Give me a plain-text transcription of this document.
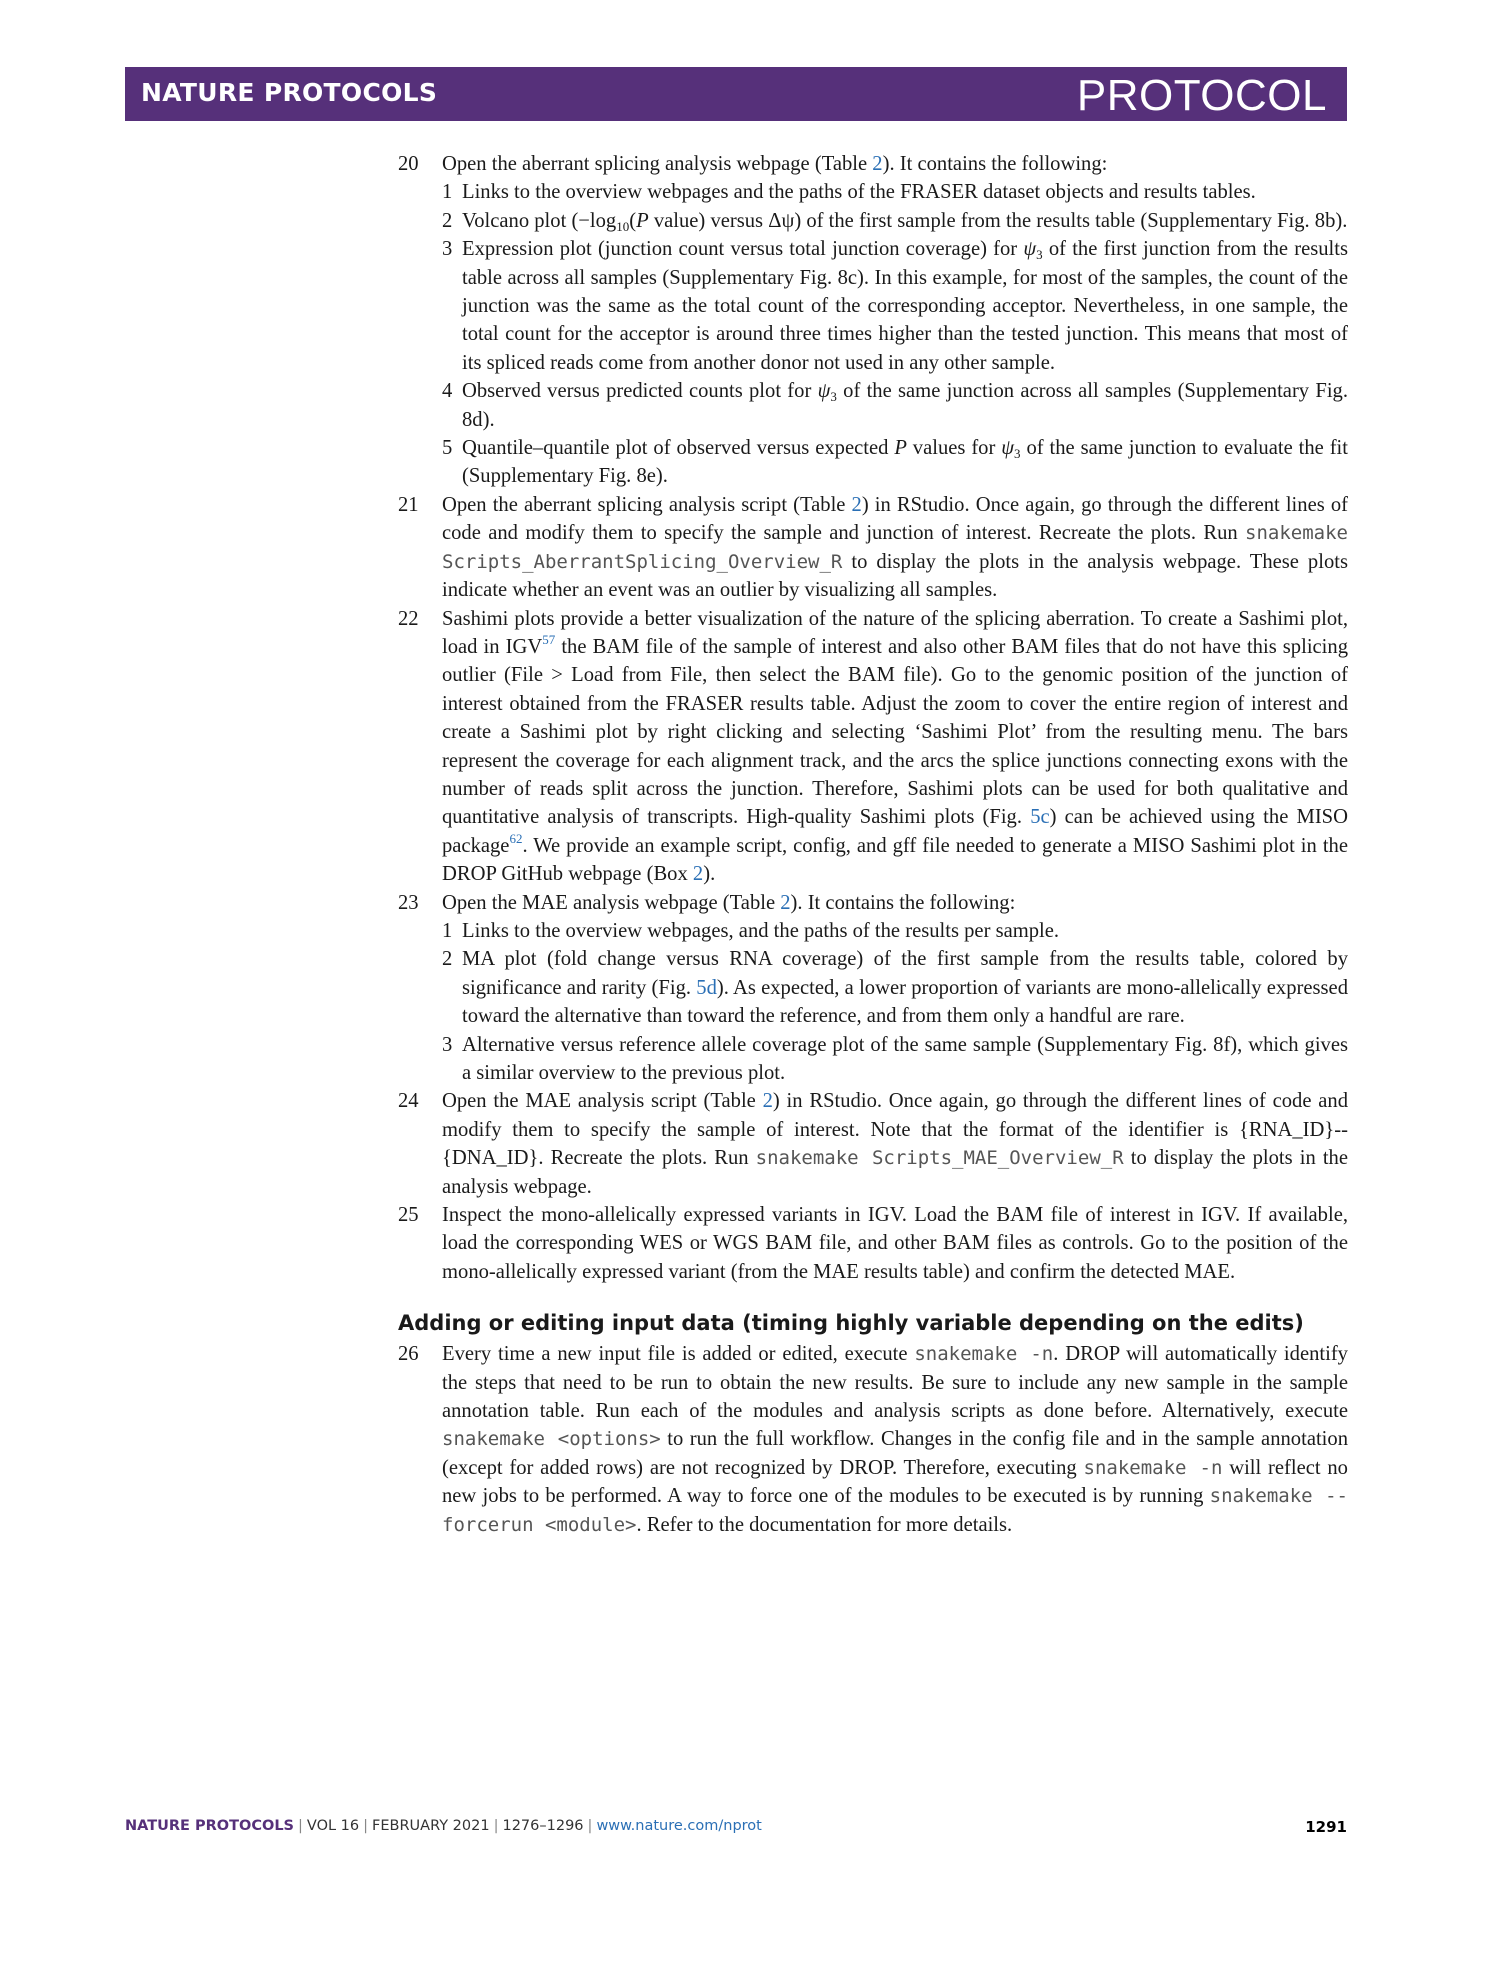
NATURE PROTOCOLS	PROTOCOL
20 Open the aberrant splicing analysis webpage (Table 2). It contains the following:
1 Links to the overview webpages and the paths of the FRASER dataset objects and results tables.
2 Volcano plot ($-\log_{10}(P$ value) versus Δψ) of the first sample from the results table (Supplementary Fig. 8b).
3 Expression plot (junction count versus total junction coverage) for $\psi_3$ of the first junction from the results table across all samples (Supplementary Fig. 8c). In this example, for most of the samples, the count of the junction was the same as the total count of the corresponding acceptor. Nevertheless, in one sample, the total count for the acceptor is around three times higher than the tested junction. This means that most of its spliced reads come from another donor not used in any other sample.
4 Observed versus predicted counts plot for $\psi_3$ of the same junction across all samples (Supplementary Fig. 8d).
5 Quantile–quantile plot of observed versus expected P values for $\psi_3$ of the same junction to evaluate the fit (Supplementary Fig. 8e).
21 Open the aberrant splicing analysis script (Table 2) in RStudio. Once again, go through the different lines of code and modify them to specify the sample and junction of interest. Recreate the plots. Run snakemake Scripts_AberrantSplicing_Overview_R to display the plots in the analysis webpage. These plots indicate whether an event was an outlier by visualizing all samples.
22 Sashimi plots provide a better visualization of the nature of the splicing aberration. To create a Sashimi plot, load in IGV$^{57}$ the BAM file of the sample of interest and also other BAM files that do not have this splicing outlier (File > Load from File, then select the BAM file). Go to the genomic position of the junction of interest obtained from the FRASER results table. Adjust the zoom to cover the entire region of interest and create a Sashimi plot by right clicking and selecting ‘Sashimi Plot’ from the resulting menu. The bars represent the coverage for each alignment track, and the arcs the splice junctions connecting exons with the number of reads split across the junction. Therefore, Sashimi plots can be used for both qualitative and quantitative analysis of transcripts. High-quality Sashimi plots (Fig. 5c) can be achieved using the MISO package$^{62}$. We provide an example script, config, and gff file needed to generate a MISO Sashimi plot in the DROP GitHub webpage (Box 2).
23 Open the MAE analysis webpage (Table 2). It contains the following:
1 Links to the overview webpages, and the paths of the results per sample.
2 MA plot (fold change versus RNA coverage) of the first sample from the results table, colored by significance and rarity (Fig. 5d). As expected, a lower proportion of variants are mono-allelically expressed toward the alternative than toward the reference, and from them only a handful are rare.
3 Alternative versus reference allele coverage plot of the same sample (Supplementary Fig. 8f), which gives a similar overview to the previous plot.
24 Open the MAE analysis script (Table 2) in RStudio. Once again, go through the different lines of code and modify them to specify the sample of interest. Note that the format of the identifier is {RNA_ID}--{DNA_ID}. Recreate the plots. Run snakemake Scripts_MAE_Overview_R to display the plots in the analysis webpage.
25 Inspect the mono-allelically expressed variants in IGV. Load the BAM file of interest in IGV. If available, load the corresponding WES or WGS BAM file, and other BAM files as controls. Go to the position of the mono-allelically expressed variant (from the MAE results table) and confirm the detected MAE.
Adding or editing input data (timing highly variable depending on the edits)
26 Every time a new input file is added or edited, execute snakemake -n. DROP will automatically identify the steps that need to be run to obtain the new results. Be sure to include any new sample in the sample annotation table. Run each of the modules and analysis scripts as done before. Alternatively, execute snakemake <options> to run the full workflow. Changes in the config file and in the sample annotation (except for added rows) are not recognized by DROP. Therefore, executing snakemake -n will reflect no new jobs to be performed. A way to force one of the modules to be executed is by running snakemake --forcerun <module>. Refer to the documentation for more details.
NATURE PROTOCOLS | VOL 16 | FEBRUARY 2021 | 1276–1296 | www.nature.com/nprot	1291
